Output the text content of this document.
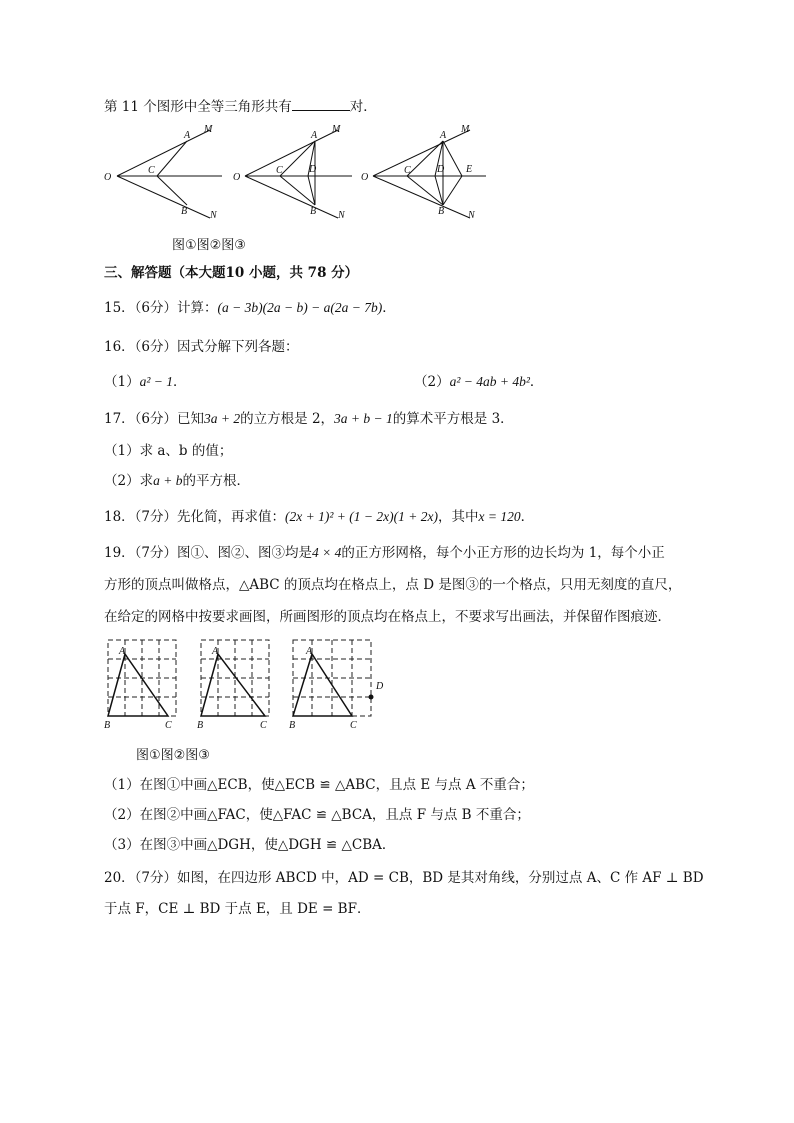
第 11 个图形中全等三角形共有	对．
O
A
M
C
B N
O
A
M
C	D
B N
O
A
M
C	D E
B N
图①图②图③
三、解答题（本大题10 小题，共 78 分）
15．（6分）计算：(a − 3b)(2a − b) − a(2a − 7b)．
16．（6分）因式分解下列各题：
（1）a² − 1．	（2）a² − 4ab + 4b²．
17．（6分）已知3a + 2的立方根是 2，3a + b − 1的算术平方根是 3．
（1）求 a、b 的值；
（2）求a + b的平方根．
18．（7分）先化简，再求值：(2x + 1)² + (1 − 2x)(1 + 2x)，其中x = 120．
19．（7分）图①、图②、图③均是4 × 4的正方形网格，每个小正方形的边长均为 1，每个小正
方形的顶点叫做格点，△ABC 的顶点均在格点上，点 D 是图③的一个格点，只用无刻度的直尺，
在给定的网格中按要求画图，所画图形的顶点均在格点上，不要求写出画法，并保留作图痕迹．
A
B	C
A
B	C
A
B	C
D
图①图②图③
（1）在图①中画△ECB，使△ECB ≌ △ABC，且点 E 与点 A 不重合；
（2）在图②中画△FAC，使△FAC ≌ △BCA，且点 F 与点 B 不重合；
（3）在图③中画△DGH，使△DGH ≌ △CBA．
20．（7分）如图，在四边形 ABCD 中，AD = CB，BD 是其对角线，分别过点 A、C 作 AF ⊥ BD
于点 F，CE ⊥ BD 于点 E，且 DE = BF．
